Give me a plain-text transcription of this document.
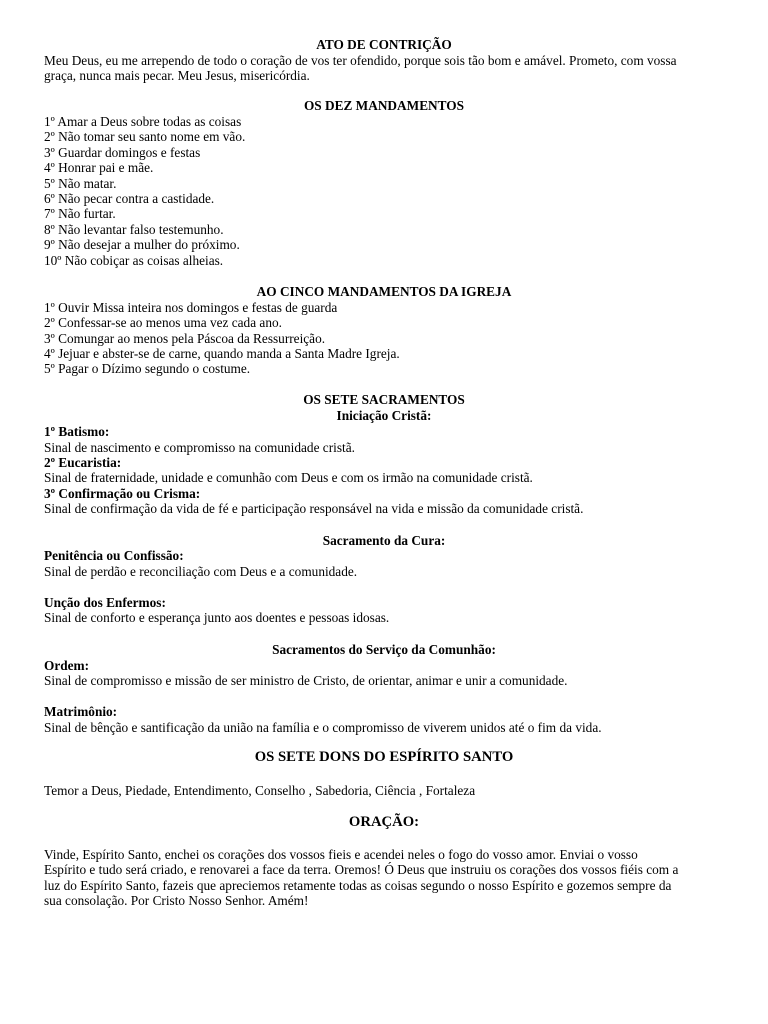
ATO DE CONTRIÇÃO

Meu Deus, eu me arrependo de todo o coração de vos ter ofendido, porque sois tão bom e amável. Prometo, com vossa

graça, nunca mais pecar. Meu Jesus, misericórdia.

OS DEZ MANDAMENTOS

1º Amar a Deus sobre todas as coisas

2º Não tomar seu santo nome em vão.

3º Guardar domingos e festas

4º Honrar pai e mãe.

5º Não matar.

6º Não pecar contra a castidade.

7º Não furtar.

8º Não levantar falso testemunho.

9º Não desejar a mulher do próximo.

10º Não cobiçar as coisas alheias.

AO CINCO MANDAMENTOS DA IGREJA

1º Ouvir Missa inteira nos domingos e festas de guarda

2º Confessar-se ao menos uma vez cada ano.

3º Comungar ao menos pela Páscoa da Ressurreição.

4º Jejuar e abster-se de carne, quando manda a Santa Madre Igreja.

5º Pagar o Dízimo segundo o costume.

OS SETE SACRAMENTOS

Iniciação Cristã:

1º Batismo:

Sinal de nascimento e compromisso na comunidade cristã.

2º Eucaristia:

Sinal de fraternidade, unidade e comunhão com Deus e com os irmão na comunidade cristã.

3º Confirmação ou Crisma:

Sinal de confirmação da vida de fé e participação responsável na vida e missão da comunidade cristã.

Sacramento da Cura:

Penitência ou Confissão:

Sinal de perdão e reconciliação com Deus e a comunidade.

Unção dos Enfermos:

Sinal de conforto e esperança junto aos doentes e pessoas idosas.

Sacramentos do Serviço da Comunhão:

Ordem:

Sinal de compromisso e missão de ser ministro de Cristo, de orientar, animar e unir a comunidade.

Matrimônio:

Sinal de bênção e santificação da união na família e o compromisso de viverem unidos até o fim da vida.

OS SETE DONS DO ESPÍRITO SANTO

Temor a Deus, Piedade, Entendimento, Conselho , Sabedoria, Ciência , Fortaleza

ORAÇÃO:

Vinde, Espírito Santo, enchei os corações dos vossos fieis e acendei neles o fogo do vosso amor. Enviai o vosso

Espírito e tudo será criado, e renovarei a face da terra. Oremos! Ó Deus que instruiu os corações dos vossos fiéis com a

luz do Espírito Santo, fazeis que apreciemos retamente todas as coisas segundo o nosso Espírito e gozemos sempre da

sua consolação. Por Cristo Nosso Senhor. Amém!
